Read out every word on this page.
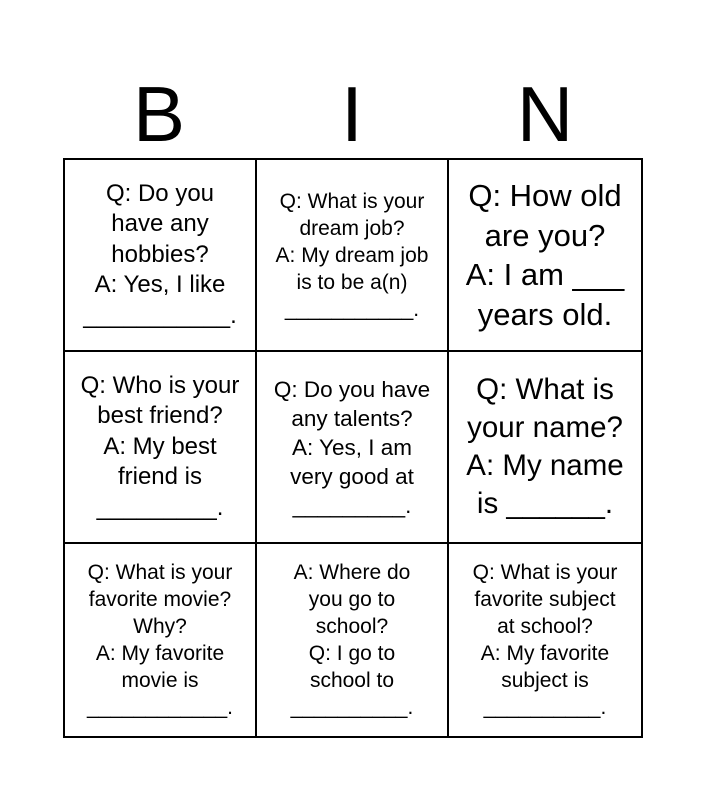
B	I	N
Q: Do you
have any
hobbies?
A: Yes, I like
___________.
Q: What is your
dream job?
A: My dream job
is to be a(n)
___________.
Q: How old
are you?
A: I am ___
years old.
Q: Who is your
best friend?
A: My best
friend is
_________.
Q: Do you have
any talents?
A: Yes, I am
very good at
_________.
Q: What is
your name?
A: My name
is ______.
Q: What is your
favorite movie?
Why?
A: My favorite
movie is
____________.
A: Where do
you go to
school?
Q: I go to
school to
__________.
Q: What is your
favorite subject
at school?
A: My favorite
subject is
__________.
